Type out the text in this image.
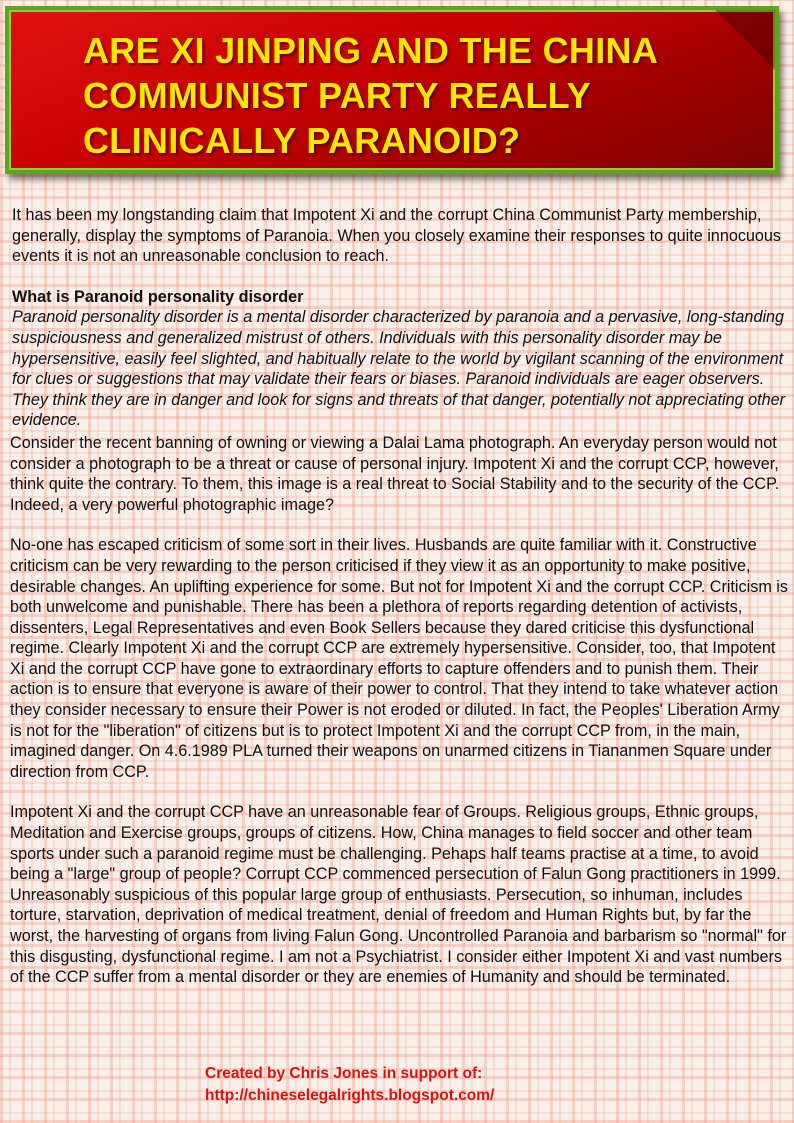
ARE XI JINPING AND THE CHINA COMMUNIST PARTY REALLY CLINICALLY PARANOID?

It has been my longstanding claim that Impotent Xi and the corrupt China Communist Party membership, generally, display the symptoms of Paranoia. When you closely examine their responses to quite innocuous events it is not an unreasonable conclusion to reach.

What is Paranoid personality disorder

Paranoid personality disorder is a mental disorder characterized by paranoia and a pervasive, long-standing suspiciousness and generalized mistrust of others. Individuals with this personality disorder may be hypersensitive, easily feel slighted, and habitually relate to the world by vigilant scanning of the environment for clues or suggestions that may validate their fears or biases. Paranoid individuals are eager observers. They think they are in danger and look for signs and threats of that danger, potentially not appreciating other evidence.

Consider the recent banning of owning or viewing a Dalai Lama photograph. An everyday person would not consider a photograph to be a threat or cause of personal injury. Impotent Xi and the corrupt CCP, however, think quite the contrary. To them, this image is a real threat to Social Stability and to the security of the CCP. Indeed, a very powerful photographic image?

No-one has escaped criticism of some sort in their lives. Husbands are quite familiar with it. Constructive criticism can be very rewarding to the person criticised if they view it as an opportunity to make positive, desirable changes. An uplifting experience for some. But not for Impotent Xi and the corrupt CCP. Criticism is both unwelcome and punishable. There has been a plethora of reports regarding detention of activists, dissenters, Legal Representatives and even Book Sellers because they dared criticise this dysfunctional regime. Clearly Impotent Xi and the corrupt CCP are extremely hypersensitive. Consider, too, that Impotent Xi and the corrupt CCP have gone to extraordinary efforts to capture offenders and to punish them. Their action is to ensure that everyone is aware of their power to control. That they intend to take whatever action they consider necessary to ensure their Power is not eroded or diluted. In fact, the Peoples' Liberation Army is not for the "liberation" of citizens but is to protect Impotent Xi and the corrupt CCP from, in the main, imagined danger. On 4.6.1989 PLA turned their weapons on unarmed citizens in Tiananmen Square under direction from CCP.

Impotent Xi and the corrupt CCP have an unreasonable fear of Groups. Religious groups, Ethnic groups, Meditation and Exercise groups, groups of citizens. How, China manages to field soccer and other team sports under such a paranoid regime must be challenging. Pehaps half teams practise at a time, to avoid being a "large" group of people? Corrupt CCP commenced persecution of Falun Gong practitioners in 1999. Unreasonably suspicious of this popular large group of enthusiasts. Persecution, so inhuman, includes torture, starvation, deprivation of medical treatment, denial of freedom and Human Rights but, by far the worst, the harvesting of organs from living Falun Gong. Uncontrolled Paranoia and barbarism so "normal" for this disgusting, dysfunctional regime. I am not a Psychiatrist. I consider either Impotent Xi and vast numbers of the CCP suffer from a mental disorder or they are enemies of Humanity and should be terminated.

Created by Chris Jones in support of:
http://chineselegalrights.blogspot.com/
